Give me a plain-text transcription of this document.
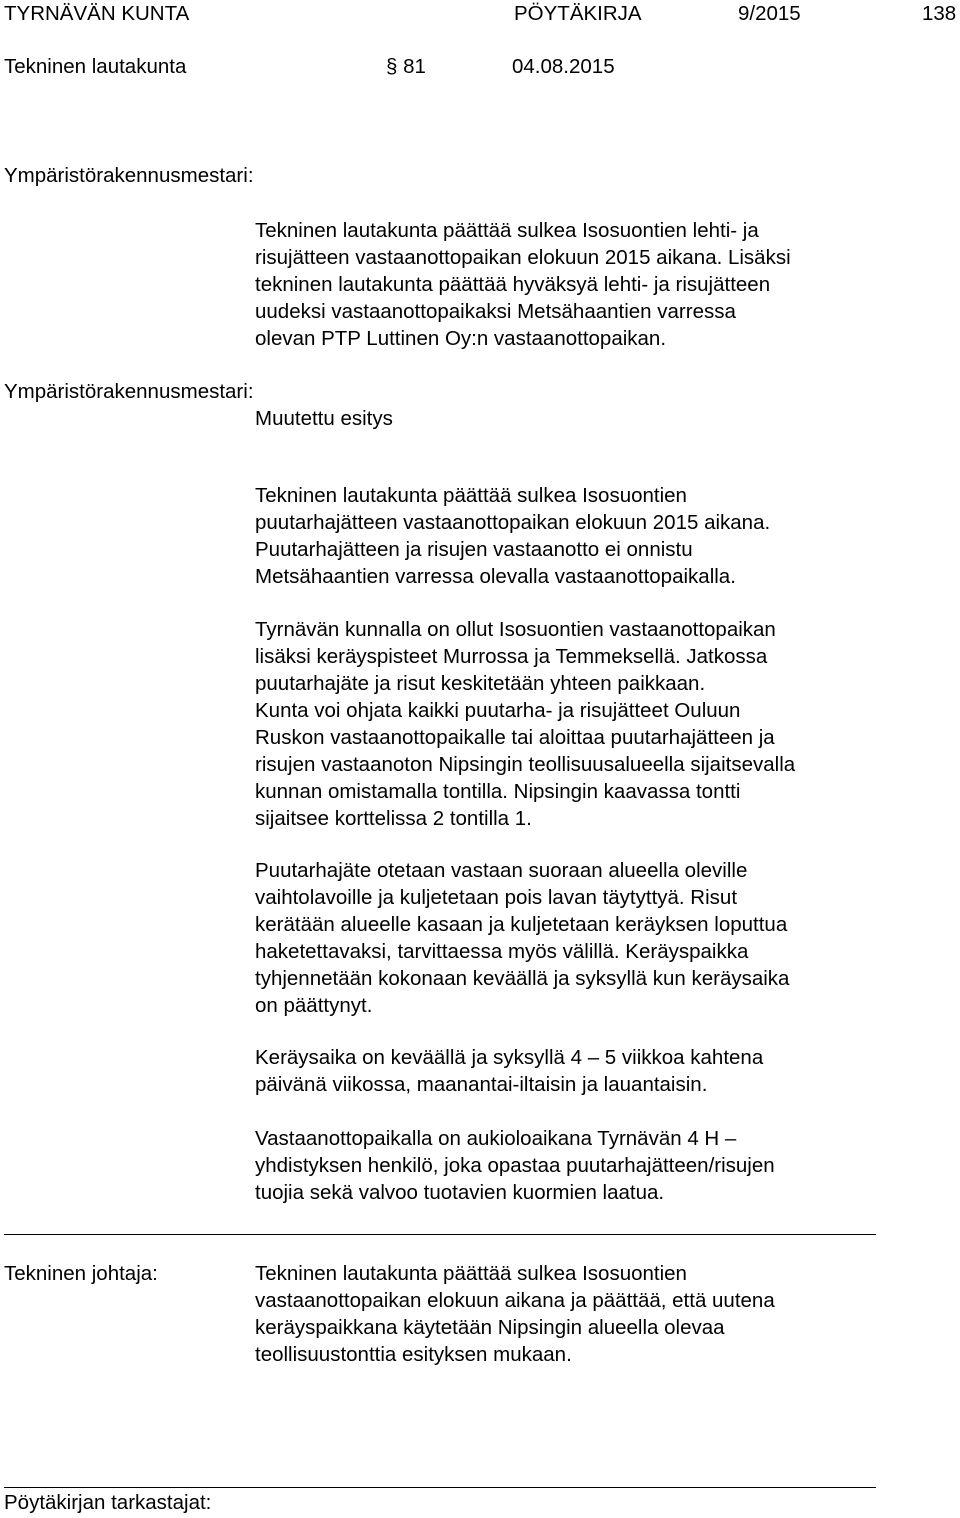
TYRNÄVÄN KUNTA	PÖYTÄKIRJA	9/2015	138
Tekninen lautakunta	§ 81	04.08.2015
Ympäristörakennusmestari:
Tekninen lautakunta päättää sulkea Isosuontien lehti- ja
risujätteen vastaanottopaikan elokuun 2015 aikana. Lisäksi
tekninen lautakunta päättää hyväksyä lehti- ja risujätteen
uudeksi vastaanottopaikaksi Metsähaantien varressa
olevan PTP Luttinen Oy:n vastaanottopaikan.
Ympäristörakennusmestari:
Muutettu esitys
Tekninen lautakunta päättää sulkea Isosuontien
puutarhajätteen vastaanottopaikan elokuun 2015 aikana.
Puutarhajätteen ja risujen vastaanotto ei onnistu
Metsähaantien varressa olevalla vastaanottopaikalla.
Tyrnävän kunnalla on ollut Isosuontien vastaanottopaikan
lisäksi keräyspisteet Murrossa ja Temmeksellä. Jatkossa
puutarhajäte ja risut keskitetään yhteen paikkaan.
Kunta voi ohjata kaikki puutarha- ja risujätteet Ouluun
Ruskon vastaanottopaikalle tai aloittaa puutarhajätteen ja
risujen vastaanoton Nipsingin teollisuusalueella sijaitsevalla
kunnan omistamalla tontilla. Nipsingin kaavassa tontti
sijaitsee korttelissa 2 tontilla 1.
Puutarhajäte otetaan vastaan suoraan alueella oleville
vaihtolavoille ja kuljetetaan pois lavan täytyttyä. Risut
kerätään alueelle kasaan ja kuljetetaan keräyksen loputtua
haketettavaksi, tarvittaessa myös välillä. Keräyspaikka
tyhjennetään kokonaan keväällä ja syksyllä kun keräysaika
on päättynyt.
Keräysaika on keväällä ja syksyllä 4 – 5 viikkoa kahtena
päivänä viikossa, maanantai-iltaisin ja lauantaisin.
Vastaanottopaikalla on aukioloaikana Tyrnävän 4 H –
yhdistyksen henkilö, joka opastaa puutarhajätteen/risujen
tuojia sekä valvoo tuotavien kuormien laatua.
Tekninen johtaja:	Tekninen lautakunta päättää sulkea Isosuontien
vastaanottopaikan elokuun aikana ja päättää, että uutena
keräyspaikkana käytetään Nipsingin alueella olevaa
teollisuustonttia esityksen mukaan.
Pöytäkirjan tarkastajat:
